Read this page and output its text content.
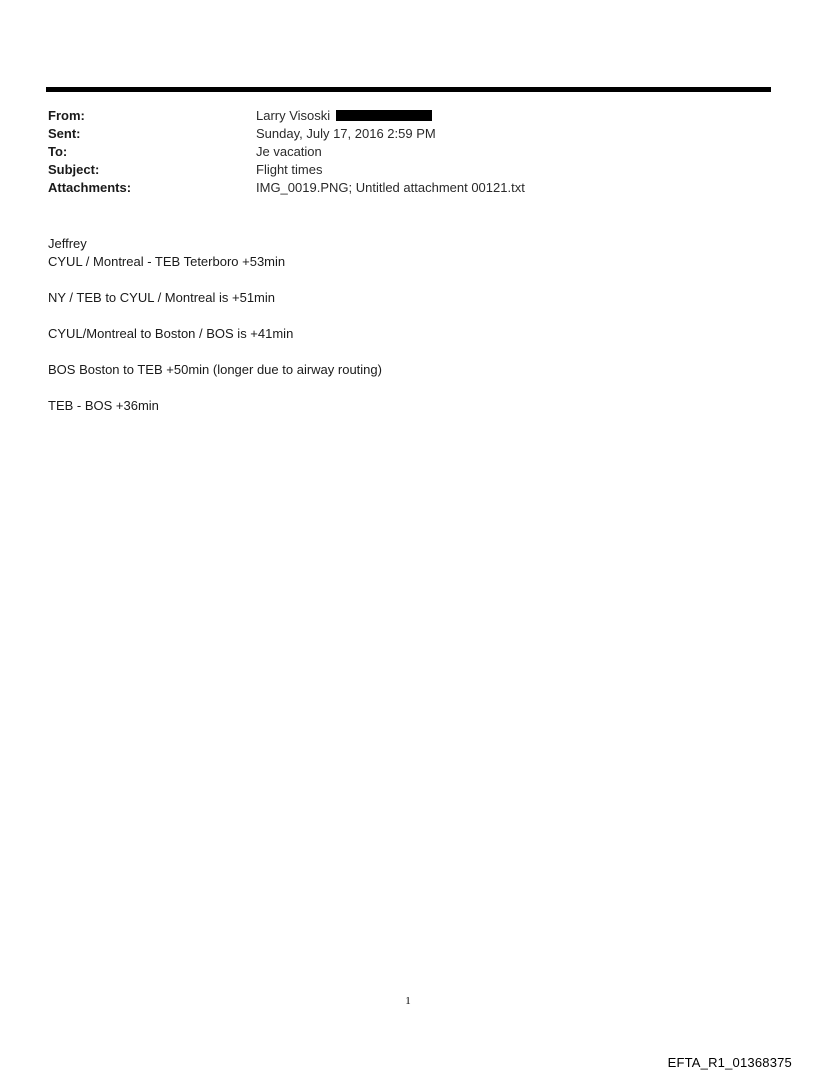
From:	Larry Visoski
Sent:	Sunday, July 17, 2016 2:59 PM
To:	Je vacation
Subject:	Flight times
Attachments:	IMG_0019.PNG; Untitled attachment 00121.txt
Jeffrey
CYUL / Montreal - TEB Teterboro +53min
NY / TEB to CYUL / Montreal is +51min
CYUL/Montreal to Boston / BOS is +41min
BOS Boston to TEB +50min (longer due to airway routing)
TEB - BOS +36min
1
EFTA_R1_01368375
